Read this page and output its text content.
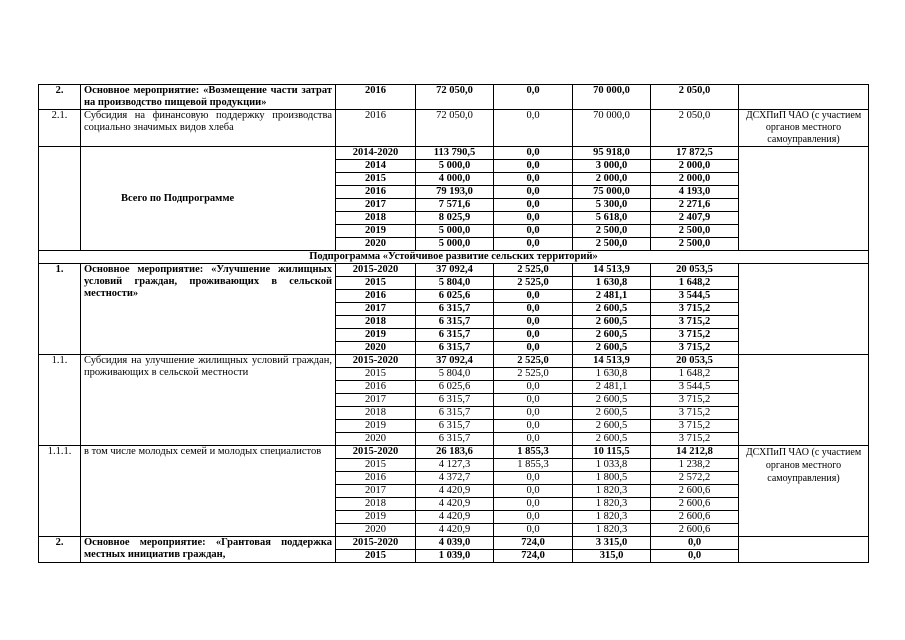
2.	Основное мероприятие: «Возмещение части затрат на производство пищевой продукции»	2016	72 050,0	0,0	70 000,0	2 050,0	
2.1.	Субсидия на финансовую поддержку производства социально значимых видов хлеба	2016	72 050,0	0,0	70 000,0	2 050,0	ДСХПиП ЧАО (с участием органов местного самоуправления)
	Всего по Подпрограмме	2014-2020	113 790,5	0,0	95 918,0	17 872,5	
		2014	5 000,0	0,0	3 000,0	2 000,0	
		2015	4 000,0	0,0	2 000,0	2 000,0	
		2016	79 193,0	0,0	75 000,0	4 193,0	
		2017	7 571,6	0,0	5 300,0	2 271,6	
		2018	8 025,9	0,0	5 618,0	2 407,9	
		2019	5 000,0	0,0	2 500,0	2 500,0	
		2020	5 000,0	0,0	2 500,0	2 500,0	
Подпрограмма «Устойчивое развитие сельских территорий»							
1.	Основное мероприятие: «Улучшение жилищных условий граждан, проживающих в сельской местности»	2015-2020	37 092,4	2 525,0	14 513,9	20 053,5	
		2015	5 804,0	2 525,0	1 630,8	1 648,2	
		2016	6 025,6	0,0	2 481,1	3 544,5	
		2017	6 315,7	0,0	2 600,5	3 715,2	
		2018	6 315,7	0,0	2 600,5	3 715,2	
		2019	6 315,7	0,0	2 600,5	3 715,2	
		2020	6 315,7	0,0	2 600,5	3 715,2	
1.1.	Субсидия на улучшение жилищных условий граждан, проживающих в сельской местности	2015-2020	37 092,4	2 525,0	14 513,9	20 053,5	
		2015	5 804,0	2 525,0	1 630,8	1 648,2	
		2016	6 025,6	0,0	2 481,1	3 544,5	
		2017	6 315,7	0,0	2 600,5	3 715,2	
		2018	6 315,7	0,0	2 600,5	3 715,2	
		2019	6 315,7	0,0	2 600,5	3 715,2	
		2020	6 315,7	0,0	2 600,5	3 715,2	
1.1.1.	в том числе молодых семей и молодых специалистов	2015-2020	26 183,6	1 855,3	10 115,5	14 212,8	ДСХПиП ЧАО (с участием органов местного самоуправления)
		2015	4 127,3	1 855,3	1 033,8	1 238,2	
		2016	4 372,7	0,0	1 800,5	2 572,2	
		2017	4 420,9	0,0	1 820,3	2 600,6	
		2018	4 420,9	0,0	1 820,3	2 600,6	
		2019	4 420,9	0,0	1 820,3	2 600,6	
		2020	4 420,9	0,0	1 820,3	2 600,6	
2.	Основное мероприятие: «Грантовая поддержка местных инициатив граждан,	2015-2020	4 039,0	724,0	3 315,0	0,0	
		2015	1 039,0	724,0	315,0	0,0	
